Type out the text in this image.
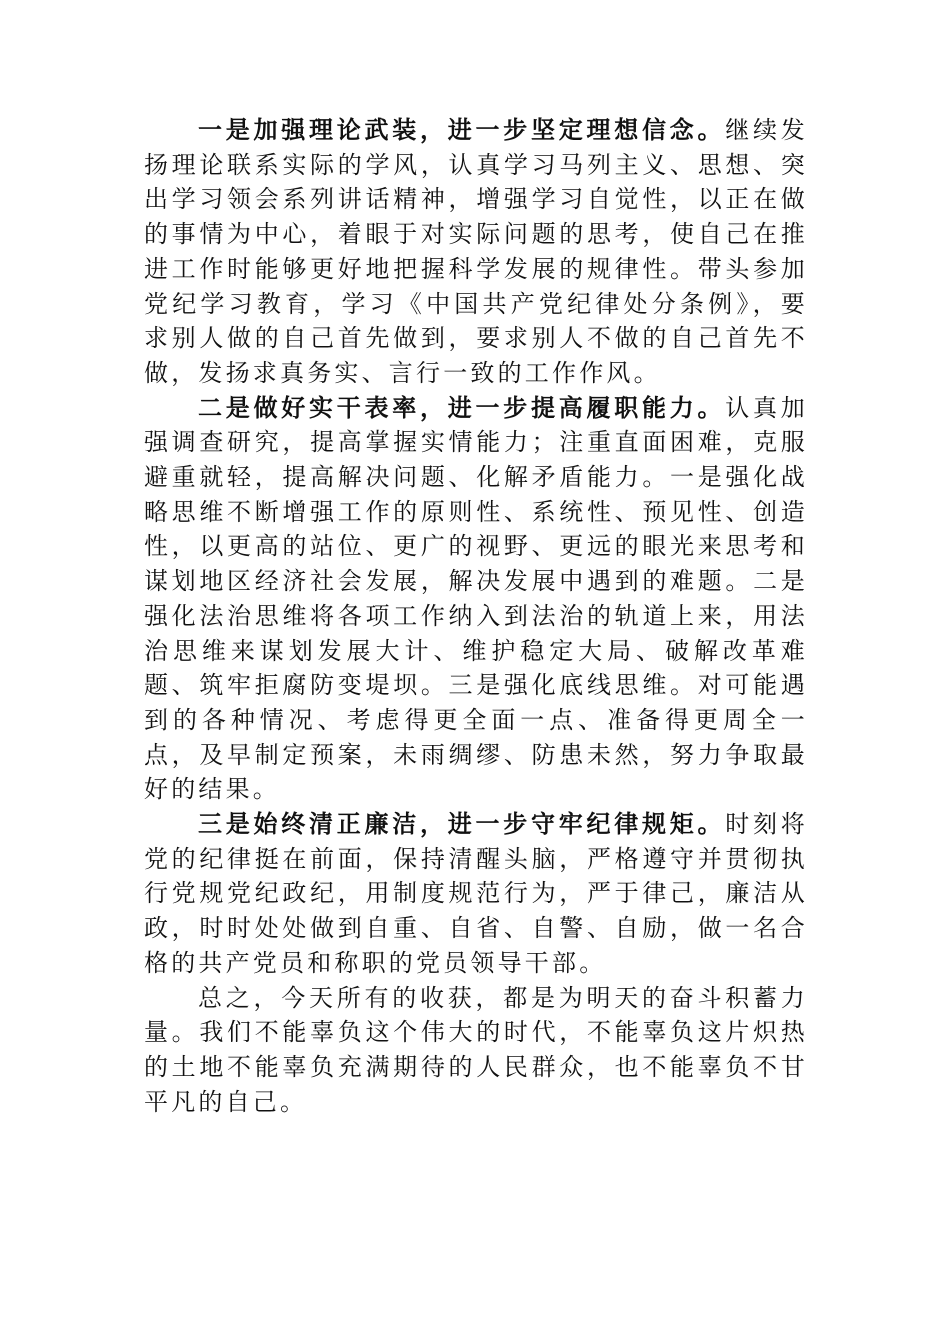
一是加强理论武装，进一步坚定理想信念。继续发扬理论联系实际的学风，认真学习马列主义、思想、突出学习领会系列讲话精神，增强学习自觉性，以正在做的事情为中心，着眼于对实际问题的思考，使自己在推进工作时能够更好地把握科学发展的规律性。带头参加党纪学习教育，学习《中国共产党纪律处分条例》，要求别人做的自己首先做到，要求别人不做的自己首先不做，发扬求真务实、言行一致的工作作风。

二是做好实干表率，进一步提高履职能力。认真加强调查研究，提高掌握实情能力；注重直面困难，克服避重就轻，提高解决问题、化解矛盾能力。一是强化战略思维不断增强工作的原则性、系统性、预见性、创造性，以更高的站位、更广的视野、更远的眼光来思考和谋划地区经济社会发展，解决发展中遇到的难题。二是强化法治思维将各项工作纳入到法治的轨道上来，用法治思维来谋划发展大计、维护稳定大局、破解改革难题、筑牢拒腐防变堤坝。三是强化底线思维。对可能遇到的各种情况、考虑得更全面一点、准备得更周全一点，及早制定预案，未雨绸缪、防患未然，努力争取最好的结果。

三是始终清正廉洁，进一步守牢纪律规矩。时刻将党的纪律挺在前面，保持清醒头脑，严格遵守并贯彻执行党规党纪政纪，用制度规范行为，严于律己，廉洁从政，时时处处做到自重、自省、自警、自励，做一名合格的共产党员和称职的党员领导干部。

总之，今天所有的收获，都是为明天的奋斗积蓄力量。我们不能辜负这个伟大的时代，不能辜负这片炽热的土地不能辜负充满期待的人民群众，也不能辜负不甘平凡的自己。
